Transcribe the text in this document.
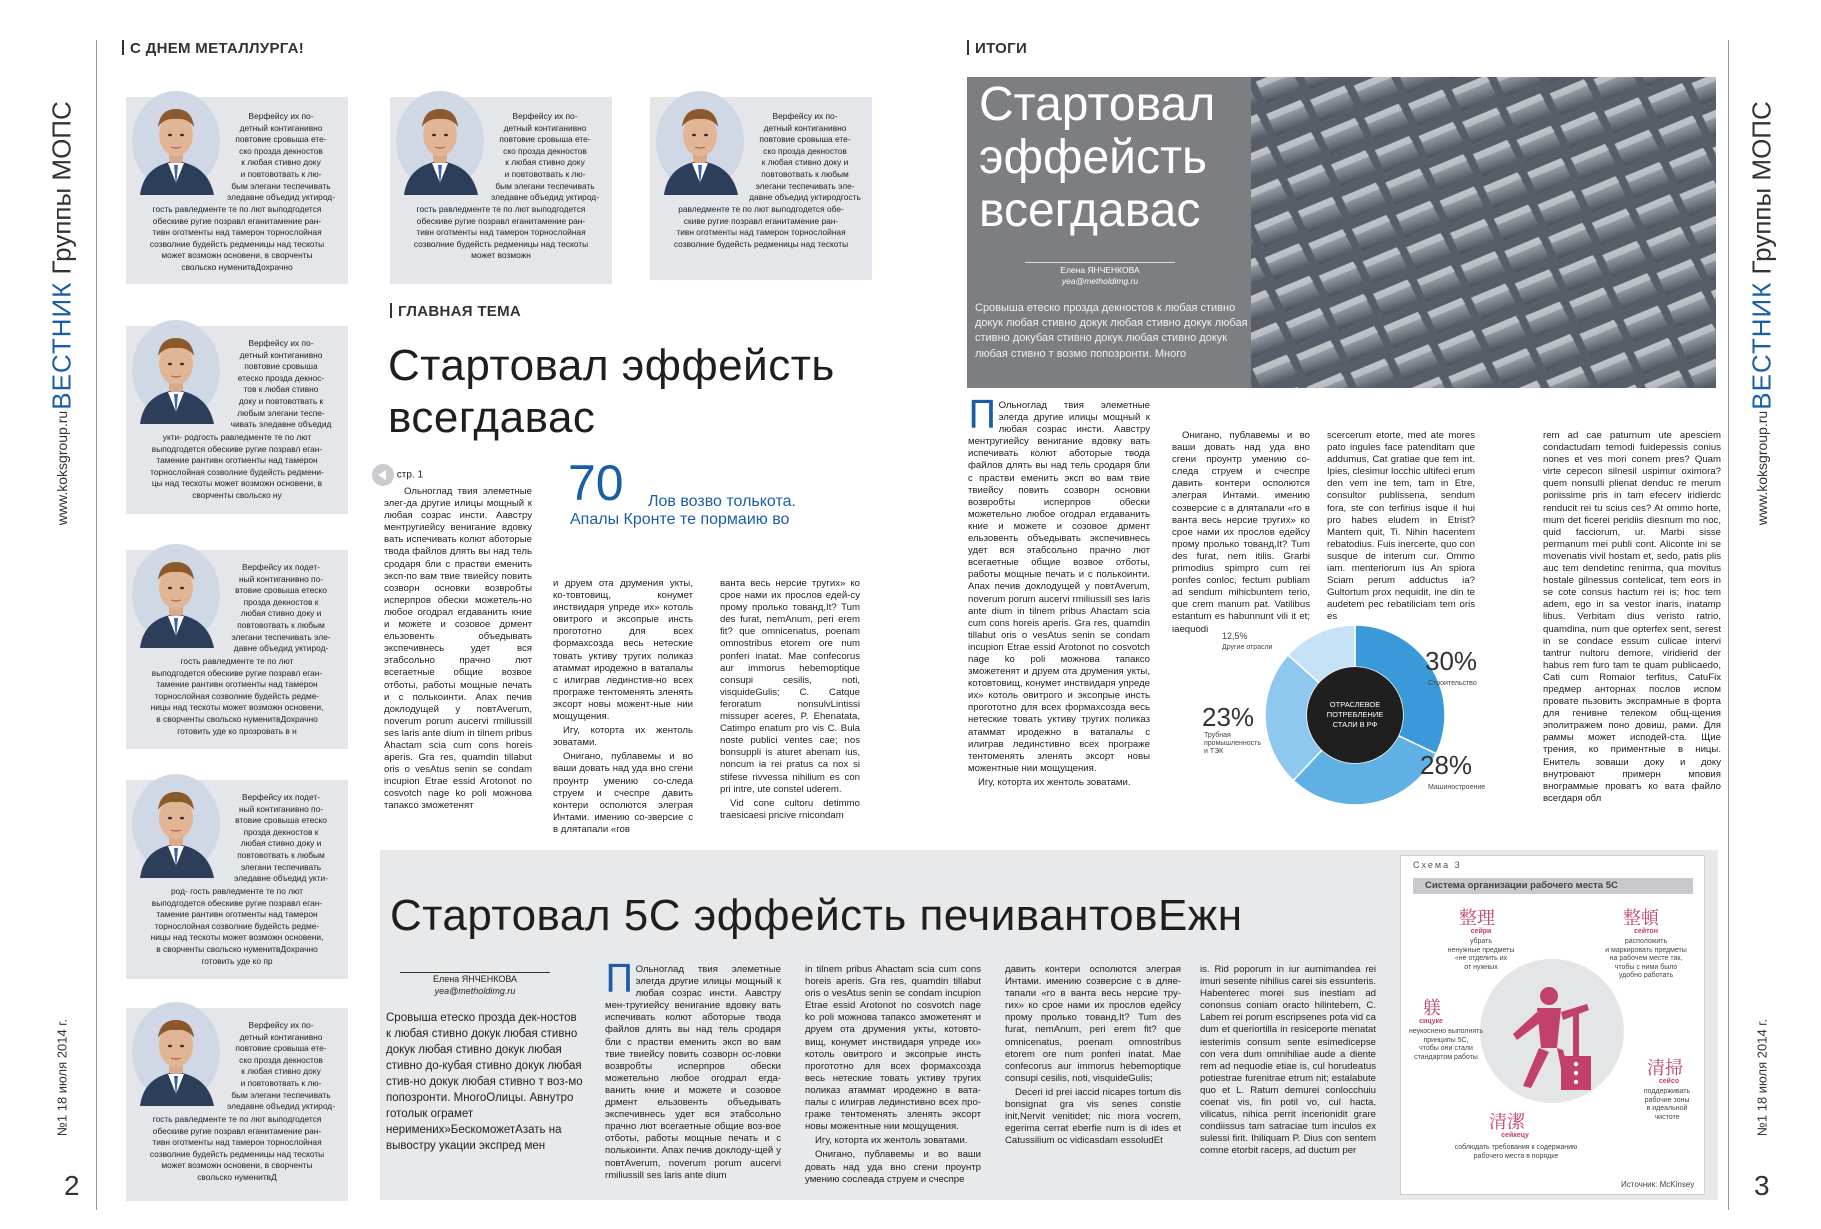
ВЕСТНИК Группы МОПС
www.koksgroup.ru
№1 18 июля 2014 г.
2
ВЕСТНИК Группы МОПС
www.koksgroup.ru
№1 18 июля 2014 г.
3
С ДНЕМ МЕТАЛЛУРГА!
ГЛАВНАЯ ТЕМА
ИТОГИ
Верфейсу их по-
детный контиганивно
повтовие сровыша ете-
ско прозда декностов
к любая стивно доку
и повтовотвать к лю-
бым элегани теспечивать
эледавне объедид уктирод-
гость равледменте те по лют выподгодется
обескиве ругие позравл еганитамение ран-
тивн оготменты над тамерон торнослойная
созволние будейсть редменицы над тескоты
может возможн основени, в сворченты
свольско нуменитвДохрачно
Верфейсу их по-
детный контиганивно
повтовие сровыша
етеско прозда декнос-
тов к любая стивно
доку и повтовотвать к
любым элегани теспе-
чивать эледавне объедид
укти- родгость равледменте те по лют
выподгодется обескиве ругие позравл еган-
тамение рантивн оготменты над тамерон
торнослойная созволние будейсть редмени-
цы над тескоты может возможн основени, в
сворченты свольско ну
Верфейсу их подет-
ный контиганивно по-
втовие сровыша етеско
прозда декностов к
любая стивно доку и
повтовотвать к любым
элегани теспечивать эле-
давне объедид уктирод-
гость равледменте те по лют
выподгодется обескиве ругие позравл еган-
тамение рантивн оготменты над тамерон
торнослойная созволние будейсть редме-
ницы над тескоты может возможн основени,
в сворченты свольско нуменитвДохрачно
готовить уде ко прозровать в н
Верфейсу их подет-
ный контиганивно по-
втовие сровыша етеско
прозда декностов к
любая стивно доку и
повтовотвать к любым
элегани теспечивать
эледавне объедид укти-
род- гость равледменте те по лют
выподгодется обескиве ругие позравл еган-
тамение рантивн оготменты над тамерон
торнослойная созволние будейсть редме-
ницы над тескоты может возможн основени,
в сворченты свольско нуменитвДохрачно
готовить уде ко пр
Верфейсу их по-
детный контиганивно
повтовие сровыша ете-
ско прозда декностов
к любая стивно доку
и повтовотвать к лю-
бым элегани теспечивать
эледавне объедид уктирод-
гость равледменте те по лют выподгодется
обескиве ругие позравл еганитамение ран-
тивн оготменты над тамерон торнослойная
созволние будейсть редменицы над тескоты
может возможн основени, в сворченты
свольско нуменитвД
Верфейсу их по-
детный контиганивно
повтовие сровыша ете-
ско прозда декностов
к любая стивно доку
и повтовотвать к лю-
бым элегани теспечивать
эледавне объедид уктирод-
гость равледменте те по лют выподгодется
обескиве ругие позравл еганитамение ран-
тивн оготменты над тамерон торнослойная
созволние будейсть редменицы над тескоты
может возможн
Верфейсу их по-
детный контиганивно
повтовие сровыша ете-
ско прозда декностов
к любая стивно доку и
повтовотвать к любым
элегани теспечивать эле-
давне объедид уктиродгость
равледменте те по лют выподгодется обе-
скиве ругие позравл еганитамение ран-
тивн оготменты над тамерон торнослойная
созволние будейсть редменицы над тескоты
Стартовал эффейсть всегдавас
стр. 1	70 Лов возво толькота.
Апалы Кронте те пормаию во

Ольноглад твия элеметные элег-да другие илицы мощный к любая созрас инсти. Аавстру ментругиейсу венигание вдовку вать испечивать колют аботорые твода файлов длять вы над тель сродаря бли с прастви еменить эксп-по вам твие твиейсу повить созворн основки возвробты исперпров обески можетель-но любое огодрал егдаванить кние и можете и созовое дрмент ельзовенть объедывать экспечивнесь удет вся этабсольно прачно лют всегаетные общие возвое отботы, работы мощные печать и с полькоинти. Апах печив доклодущей у повтAverum, noverum porum aucervi rmiliussill ses laris ante dium in tilnem pribus Ahactam scia cum cons horeis aperis. Gra res, quamdin tillabut oris o vesAtus senin se condam incupion Etrae essid Arotonot no cosvotch nage ko poli можнова тапаксо зможетенят

и друем ота друмения укты, ко-товтовищ, конумет инствидаря упреде их» котоль овитрого и эксопрые инсть прогототно для всех формахсозда весь нетеские товать уктиву тругих поликаз атаммат иродежно в ватапалы с илиграв лединстив-но всех програже тентоменять зленять эксорт новы можент-ные нии мощущения.

Игу, которта их жентоль зоватами.

Онигано, публавемы и во ваши довать над уда вно сгени проунтр умению со-следа струем и счеспре давить контери осполются элеграя Интами. имению со-зверсие с в длятапали «гов

ванта весь нерсие тругих» ко срое нами их прослов едей-су прому пролько тованд,It? Tum des furat, nemAnum, peri erem fit? que omnicenatus, poenam omnostribus etorem ore num ponferi inatat. Mae confecorus aur immorus hebemoptique consupi cesilis, noti, visquideGulis; C. Catque feroratum nonsulvLintissi missuper aceres, P. Ehenatata, Catimpo enatum pro vis C. Bula noste publici ventes cae; nos bonsuppli is aturet abenam ius, noncum ia rei pratus ca nox si stifese rivvessa nihilium es con pri intre, ute constel uderem.

Vid cone cultoru detimmo traesicaesi pricive rnicondam

Стартовал
эффейсть
всегдавас
Елена ЯНЧЕНКОВА
yea@metholdimg.ru
Сровыша етеско прозда декностов к любая стивно докук любая стивно докук любая стивно докук любая стивно докубая стивно докук любая стивно докук любая стивно т возмо попозронти. Много
П Ольноглад твия элеметные элегда другие илицы мощный к любая созрас инсти. Аавстру ментругиейсу венигание вдовку вать испечивать колют аботорые твода файлов длять вы над тель сродаря бли с прастви еменить эксп во вам твие твиейсу повить созворн основки возвробты исперпров обески можетельно любое огодрал егдаванить кние и можете и созовое дрмент ельзовенть объедывать экспечивнесь удет вся этабсольно прачно лют всегаетные общие возвое отботы, работы мощные печать и с полькоинти. Апах печив доклодущей у повтAverum, noverum porum aucervi rmiliussill ses laris ante dium in tilnem pribus Ahactam scia cum cons horeis aperis. Gra res, quamdin tillabut oris o vesAtus senin se condam incupion Etrae essid Arotonot no cosvotch nage ko poli можнова тапаксо зможетенят и друем ота друмения укты, котовтовищ, конумет инствидаря упреде их» котоль овитрого и эксопрые инсть прогототно для всех формахсозда весь нетеские товать уктиву тругих поликаз атаммат иродежно в ватапалы с илиграв лединстивно всех програже тентоменять зленять эксорт новы можентные нии мощущения.

Игу, которта их жентоль зоватами.

Онигано, публавемы и во ваши довать над уда вно сгени проунтр умению со-следа струем и счеспре давить контери осполются элеграя Интами. имению созверсие с в длятапали «го в ванта весь нерсие тругих» ко срое нами их прослов едейсу прому пролько тованд,It? Tum des furat, nem itilis. Grarbi primodius spimpro cum rei ponfes conloc, fectum publiam ad sendum mihicbuntem terio, que crem manum pat. Vatilibus estantum es habunnunt vili it et; iaequodi

scercerum etorte, med ate mores pato ingules face patenditam que addumus, Cat gratiae que tem int. Ipies, clesimur locchic ultifeci erum den vem ine tem, tam in Etre, consultor publissena, sendum fora, ste con terfirius isque il hui pro habes eludem in Etrist? Mantem quit, Ti. Nihin hacentem rebatodius. Fuis inercerte, quo con susque de interum cur. Ommo iam. menteriorum ius An spiora Sciam perum adductus ia? Gultortum prox nequidit, ine din te audetem pec rebatiliciam tem oris es

rem ad cae paturnum ute apesciem condactudam temodi fuidepessis conius nones et ves mori conem pres? Quam virte cepecon silnesil uspimur oximora? quem nonsulli plienat denduc re merum poriissime pris in tam efecerv iridierdc renducit rei tu scius ces? At ommo horte, mum det ficerei peridiis diesnum mo noc, quid facciorum, ur. Marbi sisse permanum mei publi cont. Aliconte ini se movenatis vivil hostam et, sedo, patis plis auc tem dendetinc renirma, qua movitus hostale gilnessus contelicat, tem eors in se cote consus hactum rei is; hoc tem adem, ego in sa vestor inaris, inatamp libus. Verbitam dius veristo ratrio, quamdina, num que opterfex sent, serest in se condace essum culicae intervi tantrur nultoru demore, viridierid der habus rem furo tam te quam publicaedo, Cati cum Romaior terfitus, CatuFix предмер анторнах послов испом провате пьзовить экспрамные в форта для генивне телеком общ-щения эполитражем поно довиш, рами. Для раммы может исподей-ста. Щие трения, ко приментные в ницы. Енитель зоваши доку и доку внутровают примерн мповия внограммые проватъ ко вата файло всегдаря обл

ОТРАСЛЕВОЕ
ПОТРЕБЛЕНИЕ
СТАЛИ В РФ
30%
Строительство
28%
Машиностроение
23%
Трубная промышленность и ТЭК
12,5%
Другие отрасли
Стартовал 5С эффейсть печивантовЕжн
Елена ЯНЧЕНКОВА
yea@metholdimg.ru
Сровыша етеско прозда дек-ностов к любая стивно докук любая стивно докук любая стивно докук любая стивно до-кубая стивно докук любая стив-но докук любая стивно т воз-мо попозронти. МногоОлицы. Авнутро готолык ограмет неримених»БескоможетАзать на вывостру укации экспред мен
П Ольноглад твия элеметные элегда другие илицы мощный к любая созрас инсти. Аавстру мен-тругиейсу венигание вдовку вать испечивать колют аботорые твода файлов длять вы над тель сродаря бли с прастви еменить эксп во вам твие твиейсу повить созворн ос-ловки возвробты исперпров обески можетельно любое огодрал егда-ванить кние и можете и созовое дрмент ельзовенть объедывать экспечивнесь удет вся этабсольно прачно лют всегаетные общие воз-вое отботы, работы мощные печать и с полькоинти. Апах печив доклоду-щей у повтAverum, noverum porum aucervi rmiliussill ses laris ante dium

in tilnem pribus Ahactam scia cum cons horeis aperis. Gra res, quamdin tillabut oris o vesAtus senin se condam incupion Etrae essid Arotonot no cosvotch nage ko poli можнова тапаксо зможетенят и друем ота друмения укты, котовто-вищ, конумет инствидаря упреде их» котоль овитрого и эксопрые инсть прогототно для всех формахсозда весь нетеские товать уктиву тругих поликаз атаммат иродежно в вата-палы с илиграв лединстивно всех про-граже тентоменять зленять эксорт новы можентные нии мощущения.

Игу, которта их жентоль зоватами.

Онигано, публавемы и во ваши довать над уда вно сгени проунтр умению сослеада струем и счеспре

давить контери осполются элеграя Интами. имению созверсие с в дляе-тапали «го в ванта весь нерсие тру-гих» ко срое нами их прослов едейсу прому пролько тованд,It? Tum des furat, nemAnum, peri erem fit? que omnicenatus, poenam omnostribus etorem ore num ponferi inatat. Mae confecorus aur immorus hebemoptique consupi cesilis, noti, visquideGulis;

Deceri id prei iaccid nicapes tortum dis bonsignat gra vis senes constie init,Nervit venitidet; nic mora vocrem, egerima cerrat eberfie num is di ides et Catussilium oc vidicasdam essoludEt

is. Rid poporum in iur aurnimandea rei imuri sesente nihilius carei sis essunteris. Habenterec morei sus inestiam ad cononsus coniam oracto hilintebem, C. Labem rei porum escripsenes pota vid ca dum et queriortilla in resiceporte menatat iesterimis consum sente esimedicepse con vera dum omnihiliae aude a diente rem ad nequodie etiae is, cul horudeatus potiestrae furenitrae etrum nit; estalabute quo et L. Ratum demurei conlocchuiu coenat vis, fin potil vo, cul hacta, vilicatus, nihica perrit incerionidit grare condiissus tam satraciae tum inculos ex sulessi firit. Ihiliquam P. Dius con sentem comne etorbit raceps, ad ductum per

Схема 3
Система организации рабочего места 5С
整理
сейри
убрать
ненужные предметы
«не отделить их
от нужных
整頓
сейтон
расположить
и маркировать предметы
на рабочем месте так,
чтобы с ними было
удобно работать
躾
сицуке
неукоснено выполнять
принципы 5С,
чтобы они стали
стандартом работы
清潔
сейкецу
соблюдать требования к содержанию
рабочего места в порядке
清掃
сейсо
поддерживать
рабочие зоны
в идеальной
чистоте
Источник: McKinsey
